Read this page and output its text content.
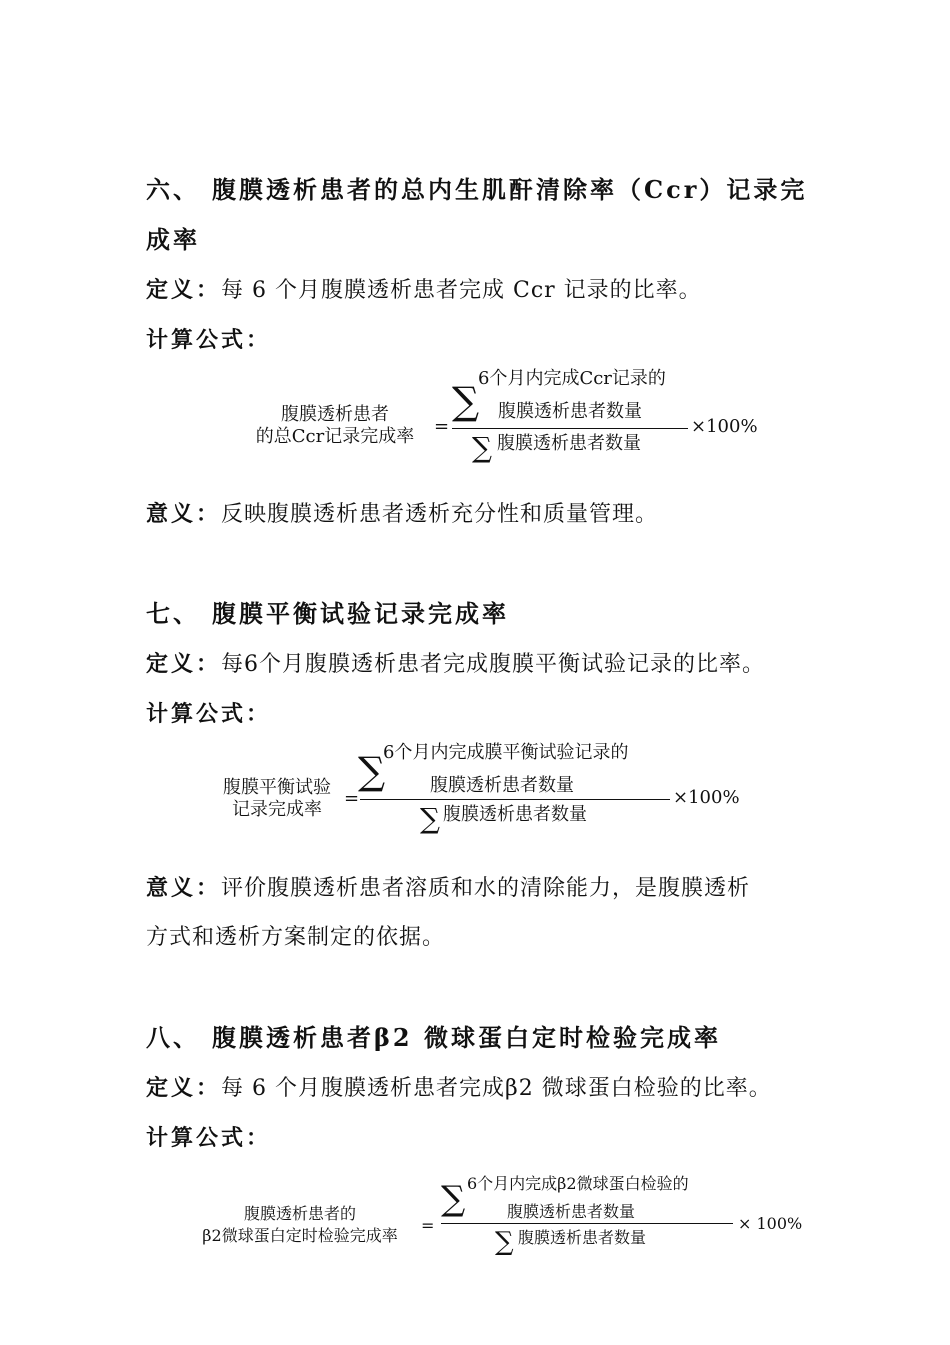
六、 腹膜透析患者的总内生肌酐清除率（Ccr）记录完
成率
定义：每 6 个月腹膜透析患者完成 Ccr 记录的比率。
计算公式：
腹膜透析患者
的总Ccr记录完成率	=
∑
6个月内完成Ccr记录的
腹膜透析患者数量
∑ 腹膜透析患者数量
×100%
意义：反映腹膜透析患者透析充分性和质量管理。
七、 腹膜平衡试验记录完成率
定义：每6个月腹膜透析患者完成腹膜平衡试验记录的比率。
计算公式：
腹膜平衡试验
记录完成率
=
∑
6个月内完成膜平衡试验记录的
腹膜透析患者数量
∑ 腹膜透析患者数量
×100%
意义：评价腹膜透析患者溶质和水的清除能力，是腹膜透析
方式和透析方案制定的依据。
八、 腹膜透析患者β2 微球蛋白定时检验完成率
定义：每 6 个月腹膜透析患者完成β2 微球蛋白检验的比率。
计算公式：
腹膜透析患者的
β2微球蛋白定时检验完成率
=
∑ 6个月内完成β2微球蛋白检验的
腹膜透析患者数量
∑ 腹膜透析患者数量
× 100%
